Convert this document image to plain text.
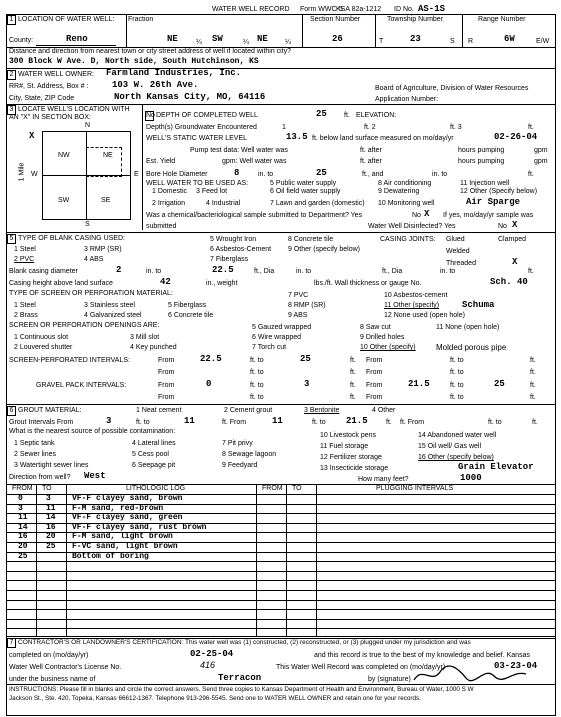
WATER WELL RECORD Form WWC-5
KSA 82a-1212 ID No. AS-1S
1 LOCATION OF WATER WELL:
County:	Reno
Fraction
NE	¼ SW	¼ NE ¼
Section Number
26
Township Number
T	23	S
Range Number
R	6W	E/W
Distance and direction from nearest town or city street address of well if located within city?
300 Block W Ave. D, North side, South Hutchinson, KS
2 WATER WELL OWNER: Farmland Industries, Inc.
RR#, St. Address, Box # :	103 W. 26th Ave.
City, State, ZIP Code	North Kansas City, MO, 64116
Board of Agriculture, Division of Water Resources
Application Number:
3 LOCATE WELL'S LOCATION WITH
AN "X" IN SECTION BOX:
N
S
E
W
X
1 Mile
NW	NE
SW	SE
No DEPTH OF COMPLETED WELL	25 ft. ELEVATION:
Depth(s) Groundwater Encountered	1	ft. 2	ft. 3	ft.
WELL'S STATIC WATER LEVEL	13.5 ft. below land surface measured on mo/day/yr	02-26-04
Pump test data: Well water was	ft. after	hours pumping	gpm
Est. Yield	gpm: Well water was	ft. after	hours pumping	gpm
Bore Hole Diameter	8	in. to	25	ft., and	in. to	ft.
WELL WATER TO BE USED AS:
1 Domestic 3 Feed lot
5 Public water supply	8 Air conditioning	11 Injection well
2 Irrigation	4 Industrial
6 Oil field water supply	9 Dewatering	12 Other (Specify below)
7 Lawn and garden (domestic) 10 Monitoring well	Air Sparge
Was a chemical/bacteriological sample submitted to Department? Yes	No X If yes, mo/day/yr sample was
submitted	Water Well Disinfected? Yes	No X
5 TYPE OF BLANK CASING USED:
1 Steel	3 RMP (SR)
5 Wrought Iron	8 Concrete tile
2 PVC	4 ABS
6 Asbestos-Cement 9 Other (specify below)
7 Fiberglass
CASING JOINTS: Glued	Clamped
Welded
Threaded	X
Blank casing diameter	2	in. to	22.5	ft., Dia	in. to	ft., Dia	in. to	ft.
Casing height above land surface	42	in., weight	lbs./ft. Wall thickness or gauge No.	Sch. 40
TYPE OF SCREEN OR PERFORATION MATERIAL:
1 Steel	3 Stainless steel	5 Fiberglass
7 PVC	10 Asbestos-cement
2 Brass	4 Galvanized steel	6 Concrete tile
8 RMP (SR)	11 Other (specify)
9 ABS	12 None used (open hole)
Schuma
SCREEN OR PERFORATION OPENINGS ARE:
1 Continuous slot	3 Mill slot
5 Gauzed wrapped	8 Saw cut	11 None (open hole)
2 Louvered shutter	4 Key punched
6 Wire wrapped	9 Drilled holes
7 Torch cut	10 Other (specify)	Molded porous pipe
SCREEN-PERFORATED INTERVALS:	From	22.5	ft. to	25	ft. From	ft. to	ft.
From	ft. to	ft. From	ft. to	ft.
GRAVEL PACK INTERVALS:	From	0	ft. to	3	ft. From	21.5	ft. to	25	ft.
From	ft. to	ft. From	ft. to	ft.
6 GROUT MATERIAL:	1 Neat cement	2 Cement grout	3 Bentonite	4 Other
Grout Intervals From	3	ft. to	11	ft. From	11	ft. to 21.5	ft. ft. From	ft. to	ft.
What is the nearest source of possible contamination:
1 Septic tank	4 Lateral lines	7 Pit privy
10 Livestock pens	14 Abandoned water well
2 Sewer lines	5 Cess pool	8 Sewage lagoon
11 Fuel storage	15 Oil well/ Gas well
3 Watertight sewer lines	6 Seepage pit	9 Feedyard
12 Fertilizer storage	16 Other (specify below)
13 Insecticide storage	Grain Elevator
Direction from well? West	How many feet?	1000
FROM TO	LITHOLOGIC LOG	FROM TO	PLUGGING INTERVALS
0	3	VF-F clayey sand, brown
3	11 F-M sand, red-brown
11 14 VF-F clayey sand, green
14 16 VF-F clayey sand, rust brown
16 20 F-M sand, light brown
20 25 F-VC sand, light brown
25	Bottom of boring
7 CONTRACTOR'S OR LANDOWNER'S CERTIFICATION: This water well was (1) constructed, (2) reconstructed, or (3) plugged under my jurisdiction and was
completed on (mo/day/yr)	02-25-04	and this record is true to the best of my knowledge and belief. Kansas
Water Well Contractor's License No.	416	This Water Well Record was completed on (mo/day/yr)	03-23-04
under the business name of	Terracon	by (signature)
INSTRUCTIONS: Please fill in blanks and circle the correct answers. Send three copies to Kansas Department of Health and Environment, Bureau of Water, 1000 S W
Jackson St., Ste. 420, Topeka, Kansas 66612-1367. Telephone 913-296-5545. Send one to WATER WELL OWNER and retain one for your records.
